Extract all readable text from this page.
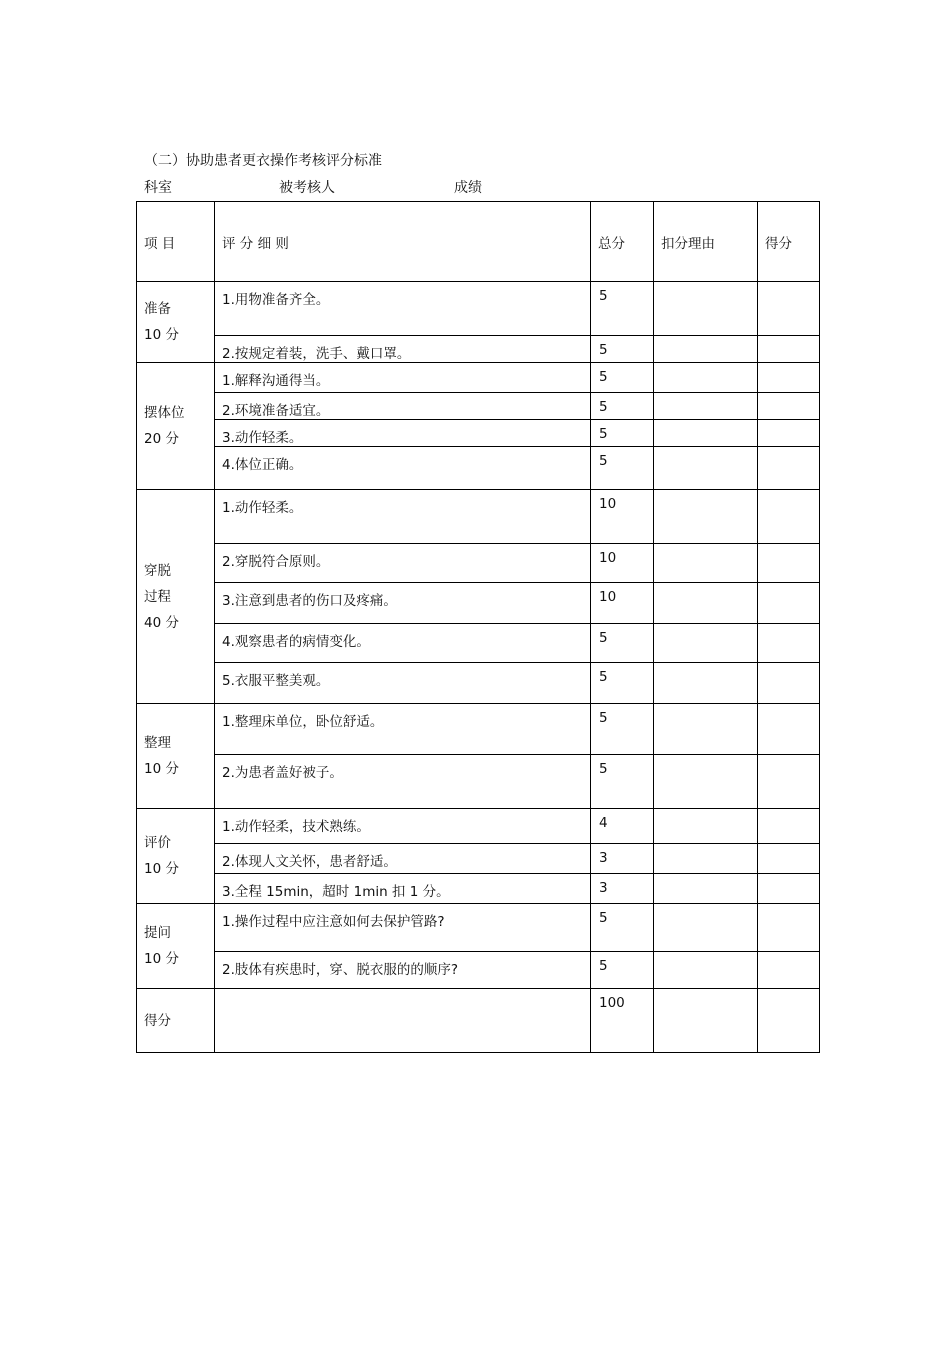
（二）协助患者更衣操作考核评分标准
科室	被考核人	成绩
项 目	评 分 细 则	总分	扣分理由	得分

准备
10 分	1.用物准备齐全。	5		
	2.按规定着装，洗手、戴口罩。	5		

摆体位
20 分	1.解释沟通得当。	5		
	2.环境准备适宜。	5		
	3.动作轻柔。	5		
	4.体位正确。	5		

穿脱
过程
40 分	1.动作轻柔。	10		
	2.穿脱符合原则。	10		
	3.注意到患者的伤口及疼痛。	10		
	4.观察患者的病情变化。	5		
	5.衣服平整美观。	5		

整理
10 分	1.整理床单位，卧位舒适。	5		
	2.为患者盖好被子。	5		

评价
10 分	1.动作轻柔，技术熟练。	4		
	2.体现人文关怀，患者舒适。	3		
	3.全程 15min，超时 1min 扣 1 分。	3		

提问
10 分	1.操作过程中应注意如何去保护管路?	5		
	2.肢体有疾患时，穿、脱衣服的的顺序?	5		
得分		100		
